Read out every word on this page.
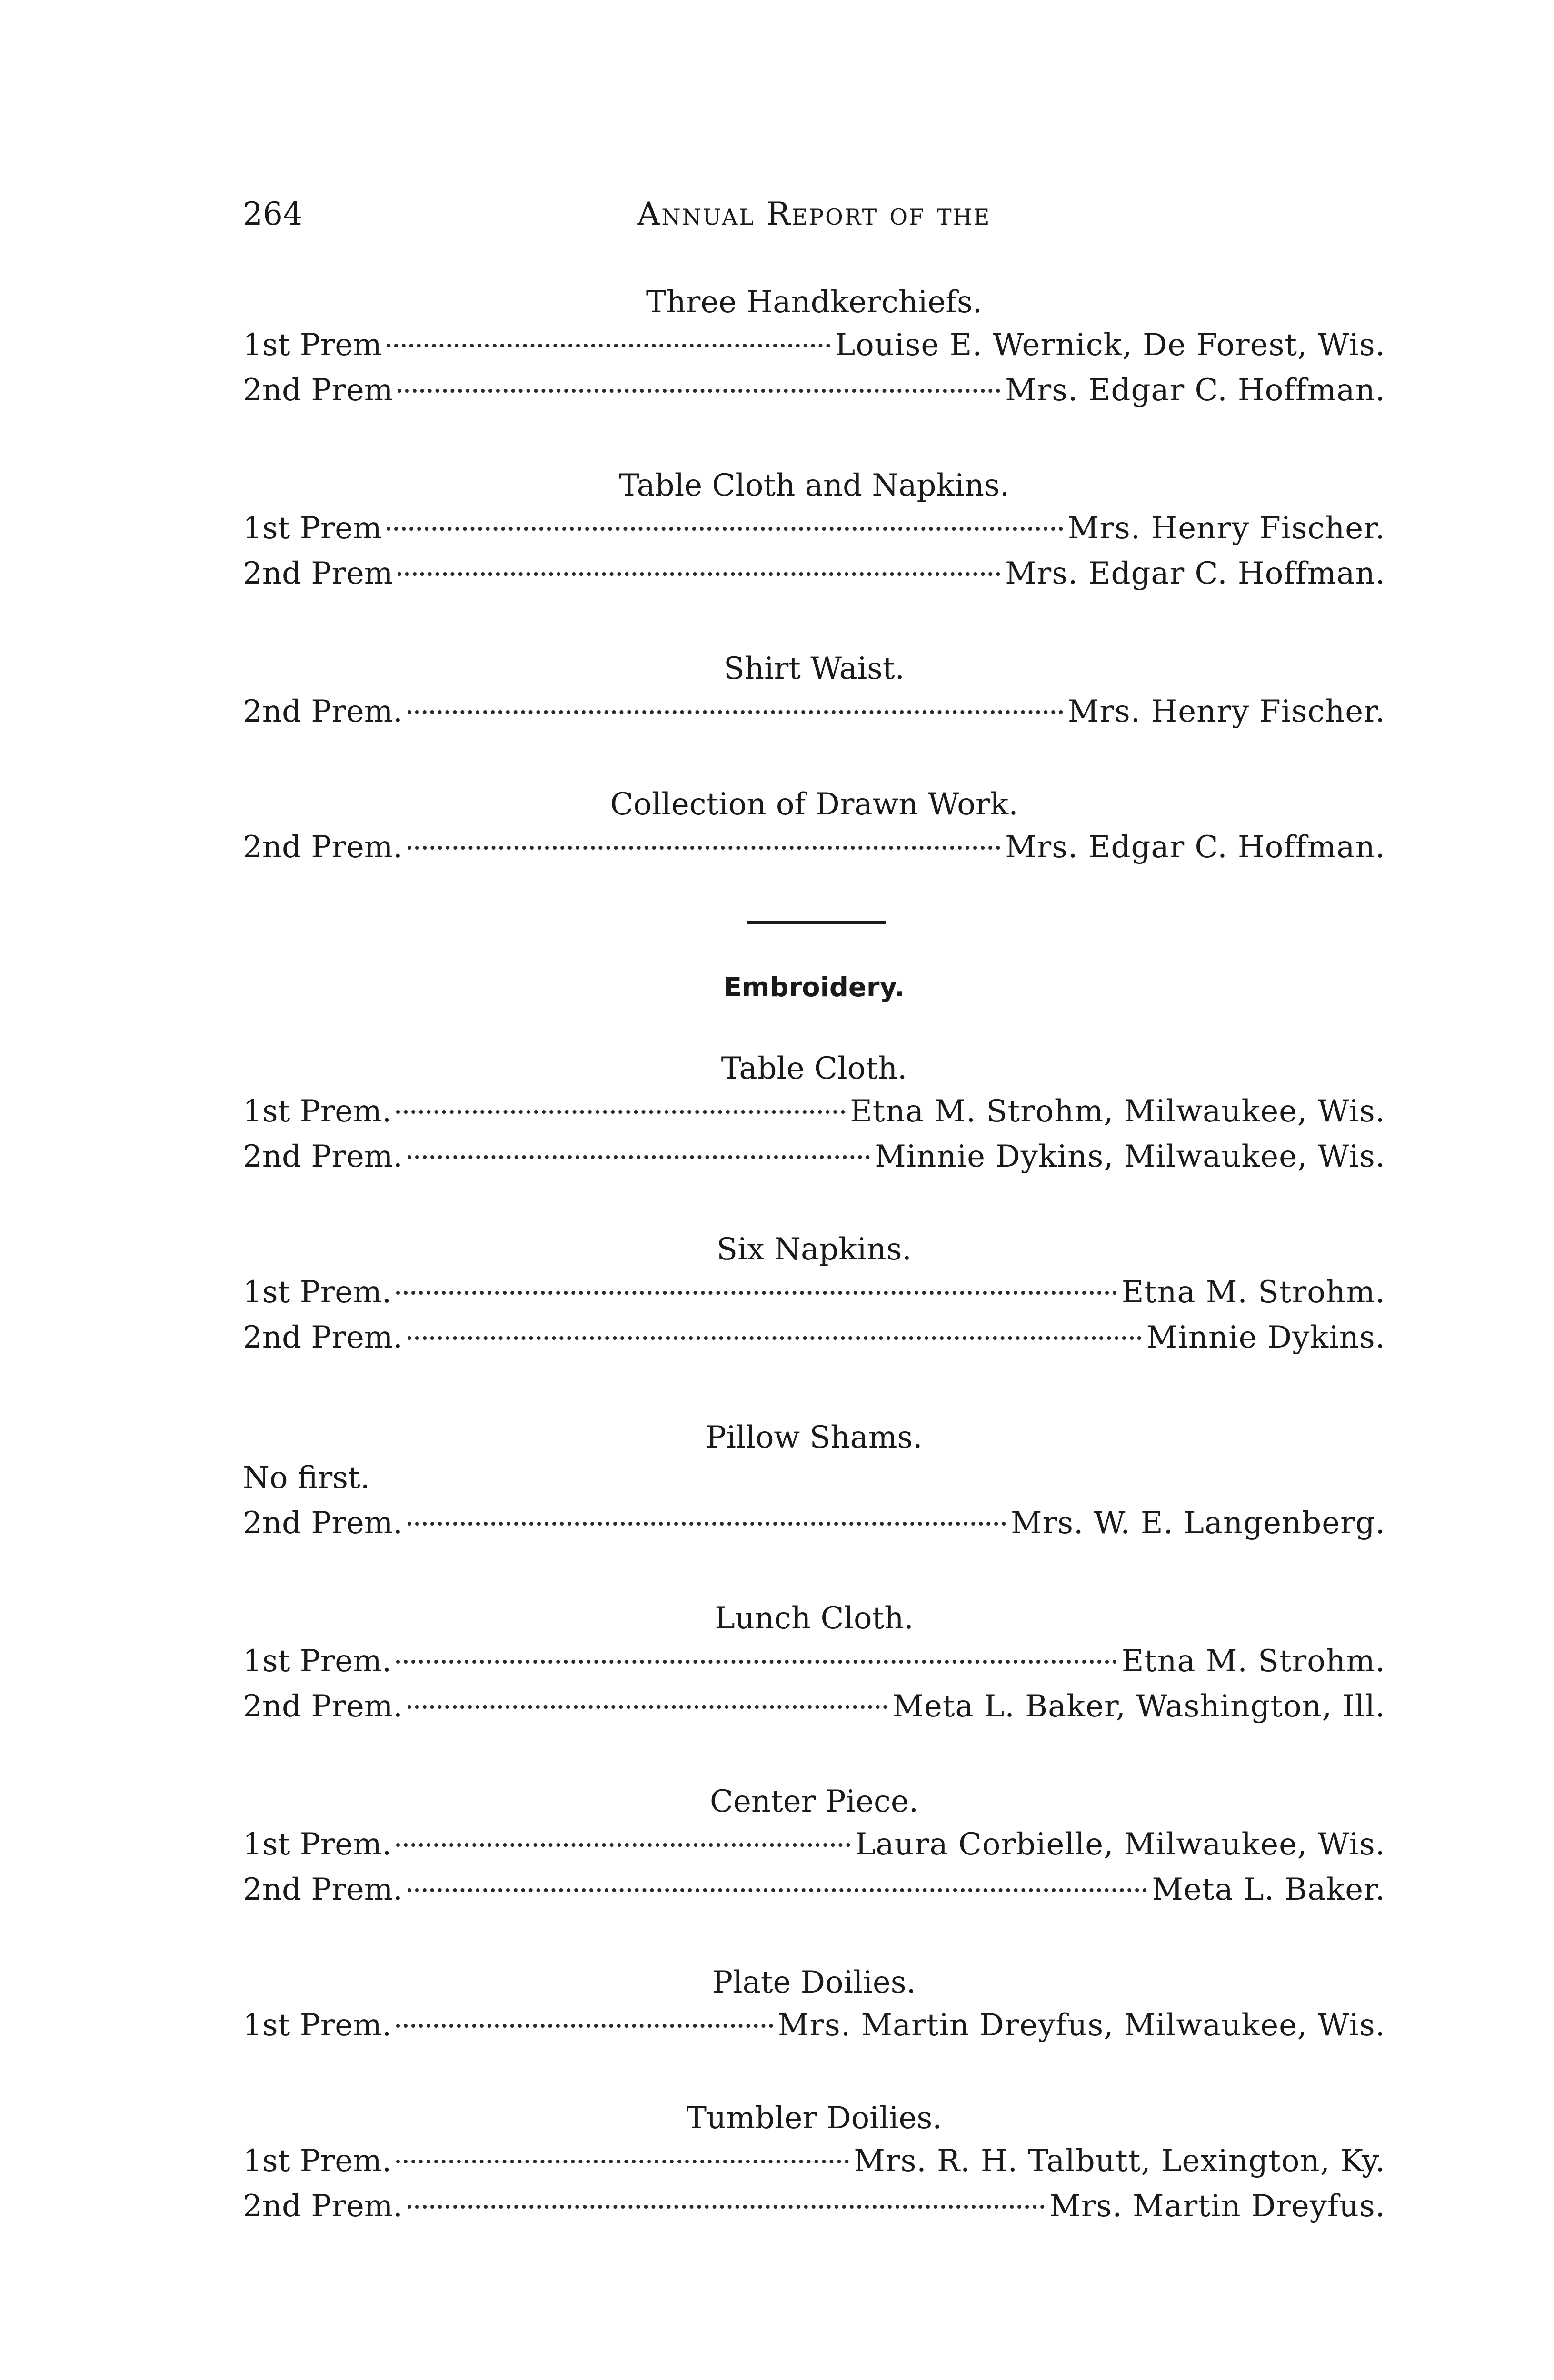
264	Annual Report of the
Three Handkerchiefs.
1st Prem	Louise E. Wernick, De Forest, Wis.
2nd Prem	Mrs. Edgar C. Hoffman.
Table Cloth and Napkins.
1st Prem	Mrs. Henry Fischer.
2nd Prem	Mrs. Edgar C. Hoffman.
Shirt Waist.
2nd Prem.	Mrs. Henry Fischer.
Collection of Drawn Work.
2nd Prem.	Mrs. Edgar C. Hoffman.
Embroidery.
Table Cloth.
1st Prem.	Etna M. Strohm, Milwaukee, Wis.
2nd Prem.	Minnie Dykins, Milwaukee, Wis.
Six Napkins.
1st Prem.	Etna M. Strohm.
2nd Prem.	Minnie Dykins.
Pillow Shams.
No first.
2nd Prem.	Mrs. W. E. Langenberg.
Lunch Cloth.
1st Prem.	Etna M. Strohm.
2nd Prem.	Meta L. Baker, Washington, Ill.
Center Piece.
1st Prem.	Laura Corbielle, Milwaukee, Wis.
2nd Prem.	Meta L. Baker.
Plate Doilies.
1st Prem.	Mrs. Martin Dreyfus, Milwaukee, Wis.
Tumbler Doilies.
1st Prem.	Mrs. R. H. Talbutt, Lexington, Ky.
2nd Prem.	Mrs. Martin Dreyfus.
